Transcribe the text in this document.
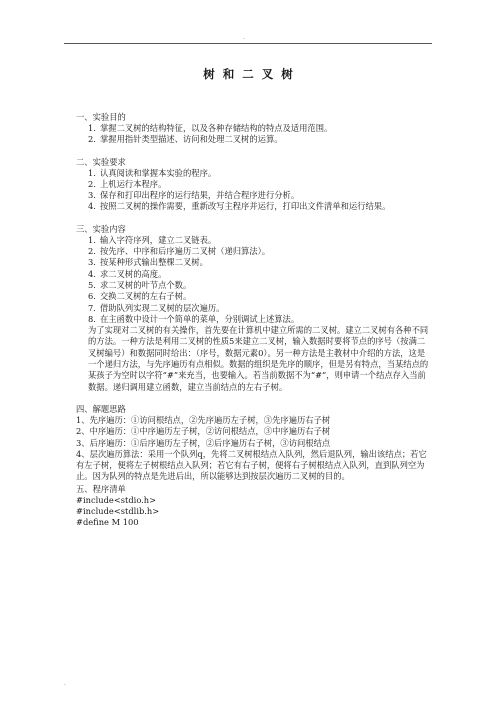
.
树和二叉树
一、实验目的
1. 掌握二叉树的结构特征，以及各种存储结构的特点及适用范围。
2. 掌握用指针类型描述、访问和处理二叉树的运算。
二、实验要求
1. 认真阅读和掌握本实验的程序。
2. 上机运行本程序。
3. 保存和打印出程序的运行结果，并结合程序进行分析。
4. 按照二叉树的操作需要，重新改写主程序并运行，打印出文件清单和运行结果。
三、实验内容
1. 输入字符序列，建立二叉链表。
2. 按先序、中序和后序遍历二叉树（递归算法）。
3. 按某种形式输出整棵二叉树。
4. 求二叉树的高度。
5. 求二叉树的叶节点个数。
6. 交换二叉树的左右子树。
7. 借助队列实现二叉树的层次遍历。
8. 在主函数中设计一个简单的菜单，分别调试上述算法。

为了实现对二叉树的有关操作，首先要在计算机中建立所需的二叉树。建立二叉树有各种不同的方法。一种方法是利用二叉树的性质5来建立二叉树，输入数据时要将节点的序号（按满二叉树编号）和数据同时给出：（序号，数据元素0）。另一种方法是主教材中介绍的方法，这是一个递归方法，与先序遍历有点相似。数据的组织是先序的顺序，但是另有特点，当某结点的某孩子为空时以字符“#”来充当，也要输入。若当前数据不为“#”，则申请一个结点存入当前数据。递归调用建立函数，建立当前结点的左右子树。

四、解题思路

1、先序遍历：①访问根结点，②先序遍历左子树，③先序遍历右子树

2、中序遍历：①中序遍历左子树，②访问根结点，③中序遍历右子树

3、后序遍历：①后序遍历左子树，②后序遍历右子树，③访问根结点

4、层次遍历算法：采用一个队列q，先将二叉树根结点入队列，然后退队列，输出该结点；若它有左子树，便将左子树根结点入队列；若它有右子树，便将右子树根结点入队列，直到队列空为止。因为队列的特点是先进后出，所以能够达到按层次遍历二叉树的目的。

五、程序清单

#include<stdio.h>

#include<stdlib.h>

#define M 100

.
